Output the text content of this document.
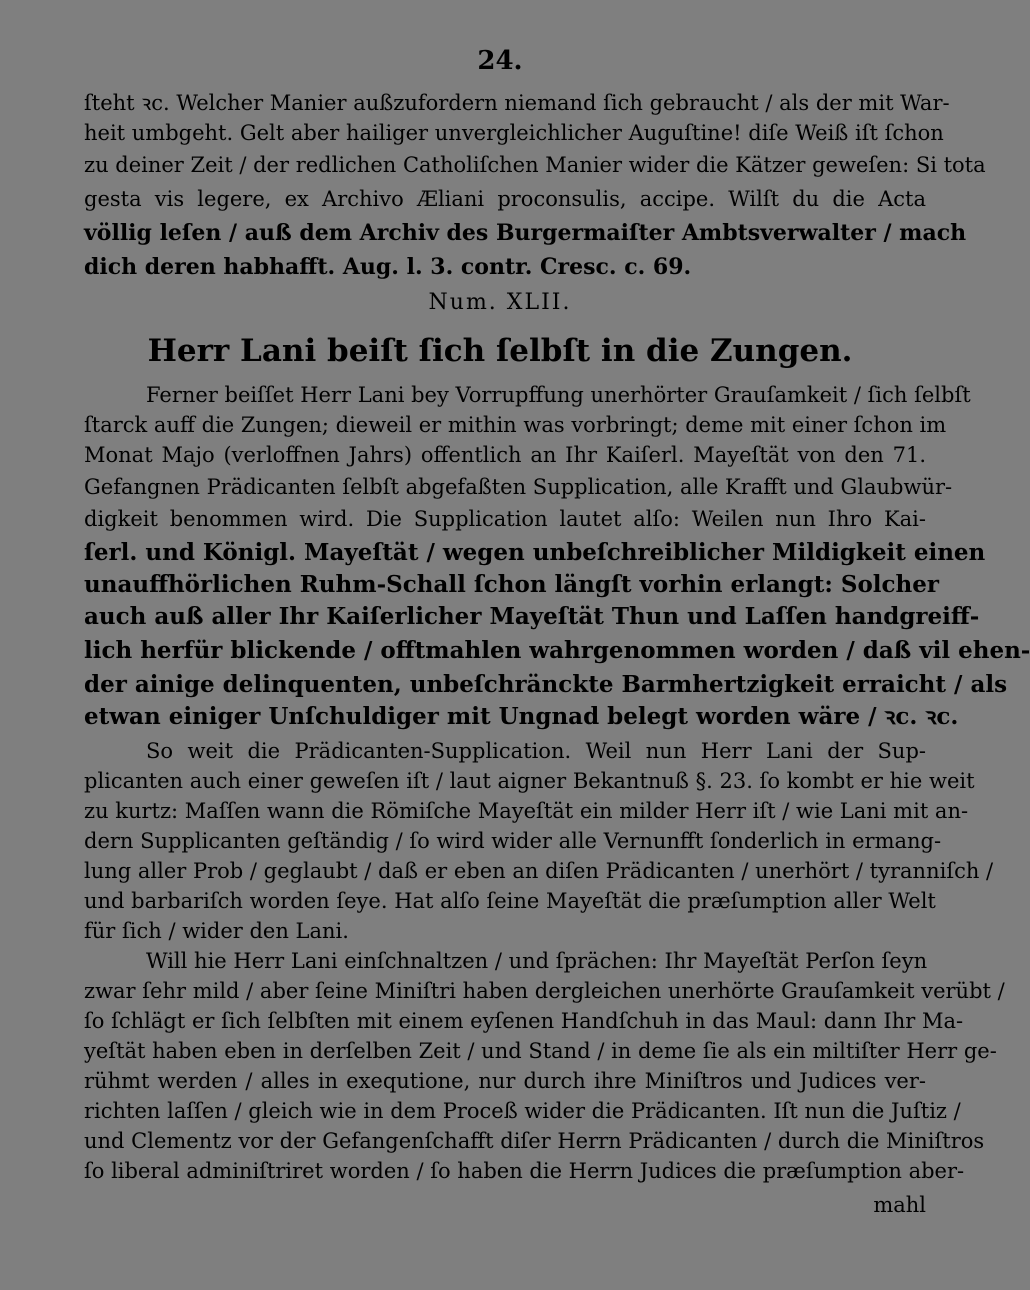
24.
ſteht ꝛc. Welcher Manier außzufordern niemand ſich gebraucht / als der mit War-
heit umbgeht. Gelt aber hailiger unvergleichlicher Auguſtine! diſe Weiß iſt ſchon
zu deiner Zeit / der redlichen Catholiſchen Manier wider die Kätzer geweſen: Si tota
gesta vis legere, ex Archivo Æliani proconsulis, accipe. Wilſt du die Acta
völlig leſen / auß dem Archiv des Burgermaiſter Ambtsverwalter / mach
dich deren habhafft. Aug. l. 3. contr. Cresc. c. 69.
Num. XLII.
Herr Lani beiſt ſich ſelbſt in die Zungen.
Ferner beiſſet Herr Lani bey Vorrupffung unerhörter Grauſamkeit / ſich ſelbſt
ſtarck auff die Zungen; dieweil er mithin was vorbringt; deme mit einer ſchon im
Monat Majo (verloffnen Jahrs) offentlich an Ihr Kaiſerl. Mayeſtät von den 71.
Gefangnen Prädicanten ſelbſt abgefaßten Supplication, alle Krafft und Glaubwür-
digkeit benommen wird. Die Supplication lautet alſo: Weilen nun Ihro Kai-
ſerl. und Königl. Mayeſtät / wegen unbeſchreiblicher Mildigkeit einen
unauffhörlichen Ruhm-Schall ſchon längſt vorhin erlangt: Solcher
auch auß aller Ihr Kaiſerlicher Mayeſtät Thun und Laſſen handgreiff-
lich herfür blickende / offtmahlen wahrgenommen worden / daß vil ehen-
der ainige delinquenten, unbeſchränckte Barmhertzigkeit erraicht / als
etwan einiger Unſchuldiger mit Ungnad belegt worden wäre / ꝛc. ꝛc.
So weit die Prädicanten-Supplication. Weil nun Herr Lani der Sup-
plicanten auch einer geweſen iſt / laut aigner Bekantnuß §. 23. ſo kombt er hie weit
zu kurtz: Maſſen wann die Römiſche Mayeſtät ein milder Herr iſt / wie Lani mit an-
dern Supplicanten geſtändig / ſo wird wider alle Vernunfft ſonderlich in ermang-
lung aller Prob / geglaubt / daß er eben an diſen Prädicanten / unerhört / tyranniſch /
und barbariſch worden ſeye. Hat alſo ſeine Mayeſtät die præſumption aller Welt
für ſich / wider den Lani.
Will hie Herr Lani einſchnaltzen / und ſprächen: Ihr Mayeſtät Perſon ſeyn
zwar ſehr mild / aber ſeine Miniſtri haben dergleichen unerhörte Grauſamkeit verübt /
ſo ſchlägt er ſich ſelbſten mit einem eyſenen Handſchuh in das Maul: dann Ihr Ma-
yeſtät haben eben in derſelben Zeit / und Stand / in deme ſie als ein miltiſter Herr ge-
rühmt werden / alles in exequtione, nur durch ihre Miniſtros und Judices ver-
richten laſſen / gleich wie in dem Proceß wider die Prädicanten. Iſt nun die Juſtiz /
und Clementz vor der Gefangenſchafft diſer Herrn Prädicanten / durch die Miniſtros
ſo liberal adminiſtriret worden / ſo haben die Herrn Judices die præſumption aber-
mahl
